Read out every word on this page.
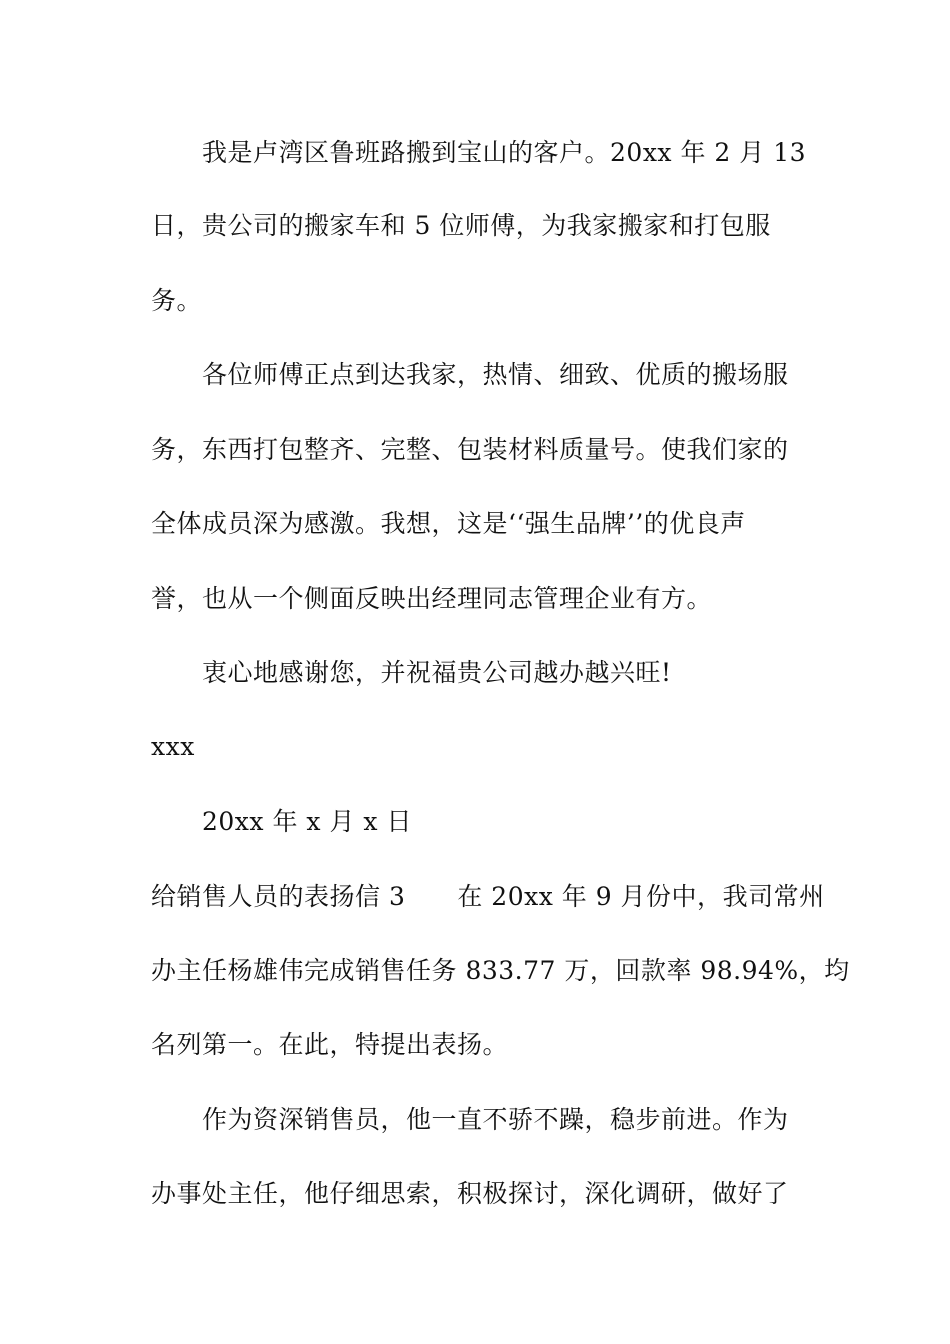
我是卢湾区鲁班路搬到宝山的客户。20xx 年 2 月 13
日，贵公司的搬家车和 5 位师傅，为我家搬家和打包服
务。
各位师傅正点到达我家，热情、细致、优质的搬场服
务，东西打包整齐、完整、包装材料质量号。使我们家的
全体成员深为感激。我想，这是‘‘强生品牌’’的优良声
誉，也从一个侧面反映出经理同志管理企业有方。
衷心地感谢您，并祝福贵公司越办越兴旺!
xxx
20xx 年 x 月 x 日
给销售人员的表扬信 3 在 20xx 年 9 月份中，我司常州
办主任杨雄伟完成销售任务 833.77 万，回款率 98.94%，均
名列第一。在此，特提出表扬。
作为资深销售员，他一直不骄不躁，稳步前进。作为
办事处主任，他仔细思索，积极探讨，深化调研，做好了
